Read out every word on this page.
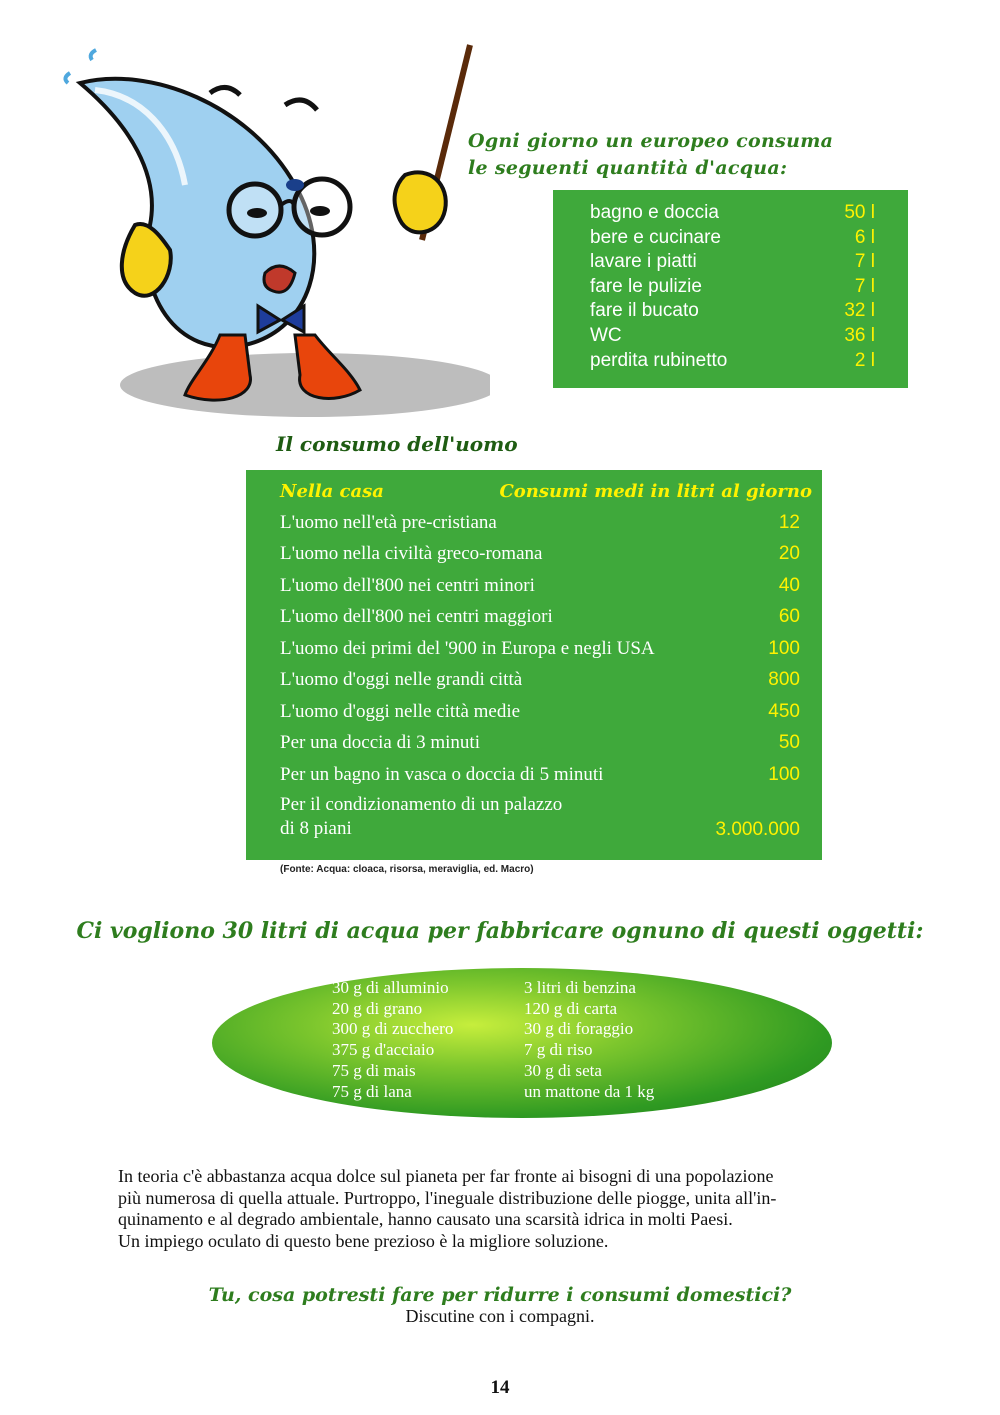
Ogni giorno un europeo consuma
le seguenti quantità d'acqua:
bagno e doccia	50 l
bere e cucinare	6 l
lavare i piatti	7 l
fare le pulizie	7 l
fare il bucato	32 l
WC	36 l
perdita rubinetto	2 l
Il consumo dell'uomo
Nella casa	Consumi medi in litri al giorno
L'uomo nell'età pre-cristiana	12
L'uomo nella civiltà greco-romana	20
L'uomo dell'800 nei centri minori	40
L'uomo dell'800 nei centri maggiori	60
L'uomo dei primi del '900 in Europa e negli USA	100
L'uomo d'oggi nelle grandi città	800
L'uomo d'oggi nelle città medie	450
Per una doccia di 3 minuti	50
Per un bagno in vasca o doccia di 5 minuti	100

Per il condizionamento di un palazzo
di 8 piani	3.000.000
(Fonte: Acqua: cloaca, risorsa, meraviglia, ed. Macro)
Ci vogliono 30 litri di acqua per fabbricare ognuno di questi oggetti:
30 g di alluminio
20 g di grano
300 g di zucchero
375 g d'acciaio
75 g di mais
75 g di lana
3 litri di benzina
120 g di carta
30 g di foraggio
7 g di riso
30 g di seta
un mattone da 1 kg
In teoria c'è abbastanza acqua dolce sul pianeta per far fronte ai bisogni di una popolazione
più numerosa di quella attuale. Purtroppo, l'ineguale distribuzione delle piogge, unita all'in-
quinamento e al degrado ambientale, hanno causato una scarsità idrica in molti Paesi.
Un impiego oculato di questo bene prezioso è la migliore soluzione.
Tu, cosa potresti fare per ridurre i consumi domestici?
Discutine con i compagni.
14
